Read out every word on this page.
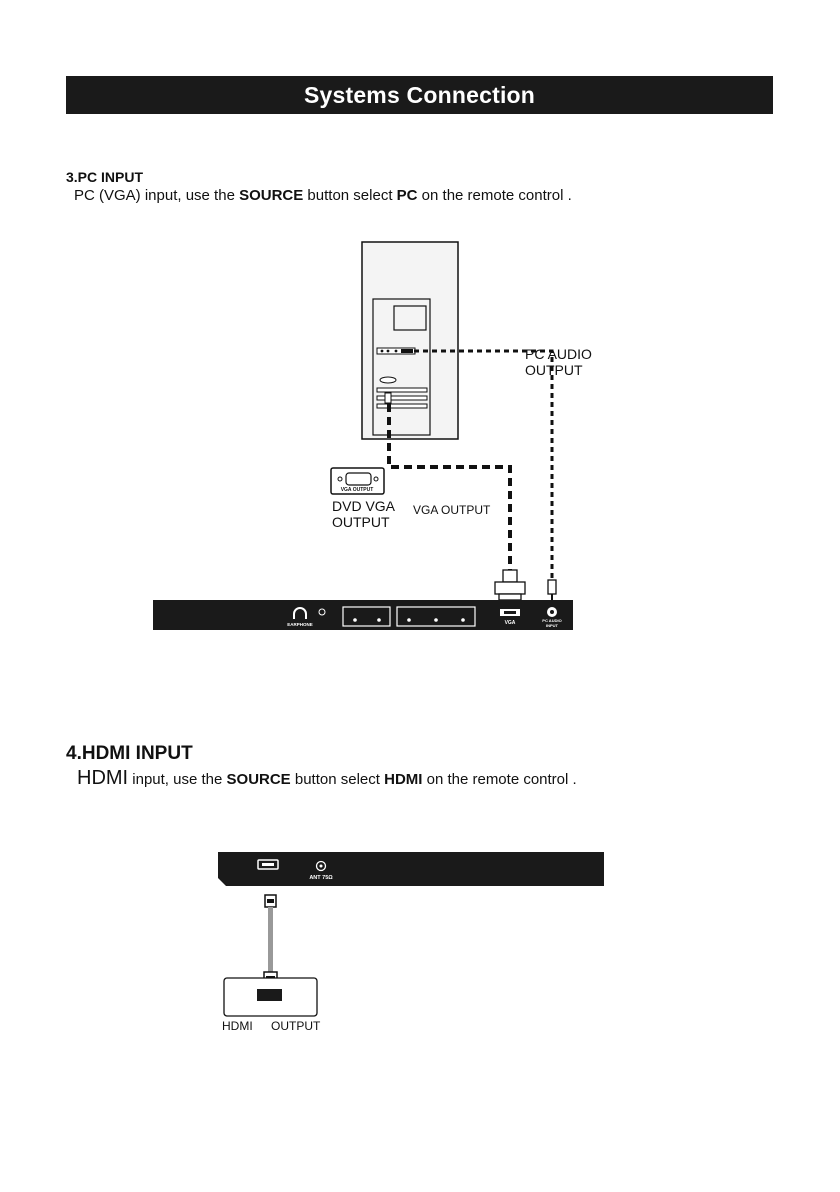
Systems Connection
3.PC INPUT
PC (VGA) input, use the SOURCE button select PC on the remote control .
4.HDMI INPUT
HDMI input, use the SOURCE button select HDMI on the remote control .
VGA OUTPUT
EARPHONE	VGA	PC AUDIO
INPUT
ANT 75Ω
PC AUDIO
OUTPUT
DVD VGA
OUTPUT
VGA OUTPUT
HDMI OUTPUT
